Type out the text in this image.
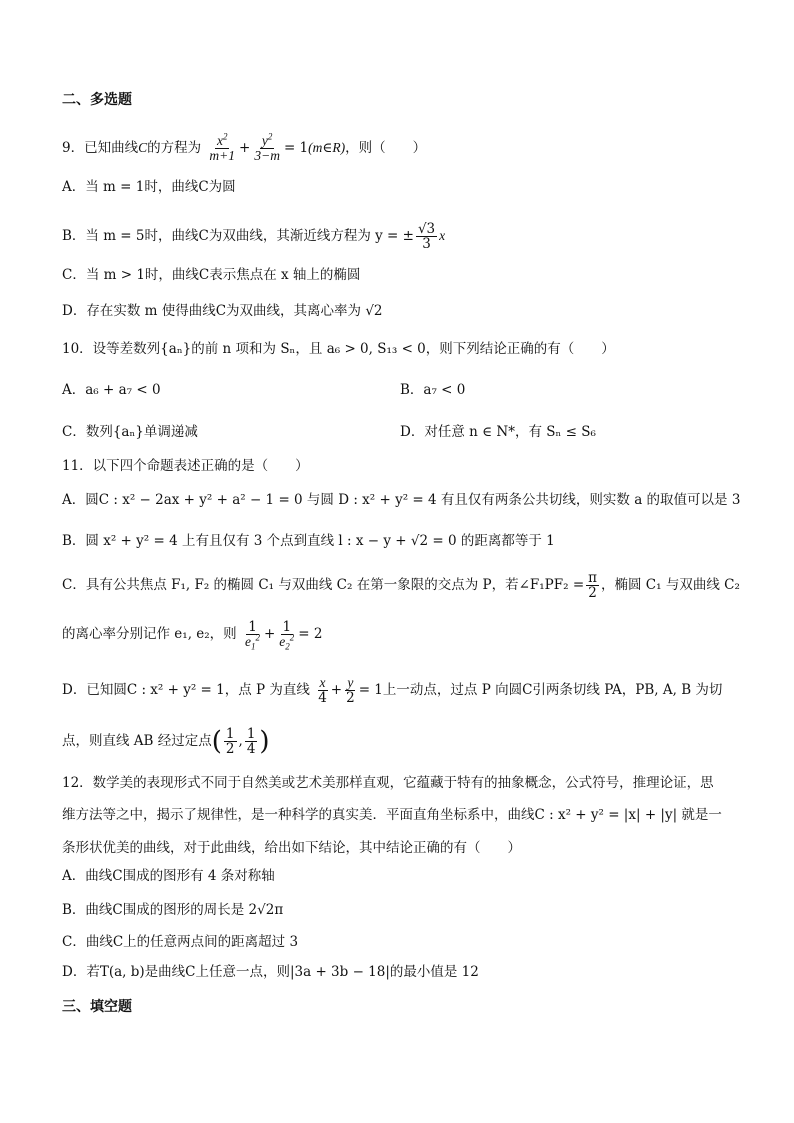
二、多选题
9．已知曲线C的方程为 $\frac{x^2}{m+1} + \frac{y^2}{3-m}$ = 1(m∈R)，则（　　）
A．当 m = 1时，曲线C为圆
B．当 m = 5时，曲线C为双曲线，其渐近线方程为 y = ± $\frac{√3}{3}$ x
C．当 m > 1时，曲线C表示焦点在 x 轴上的椭圆
D．存在实数 m 使得曲线C为双曲线，其离心率为 √2
10．设等差数列{aₙ}的前 n 项和为 Sₙ，且 a₆ > 0, S₁₃ < 0，则下列结论正确的有（　　）
A．a₆ + a₇ < 0	B．a₇ < 0
C．数列{aₙ}单调递减	D．对任意 n ∈ N*，有 Sₙ ≤ S₆
11．以下四个命题表述正确的是（　　）
A．圆C : x² − 2ax + y² + a² − 1 = 0 与圆 D : x² + y² = 4 有且仅有两条公共切线，则实数 a 的取值可以是 3
B．圆 x² + y² = 4 上有且仅有 3 个点到直线 l : x − y + √2 = 0 的距离都等于 1
C．具有公共焦点 F₁, F₂ 的椭圆 C₁ 与双曲线 C₂ 在第一象限的交点为 P，若∠F₁PF₂ = $\frac{\pi}{2}$ ，椭圆 C₁ 与双曲线 C₂
的离心率分别记作 e₁, e₂，则 $\frac{1}{e_1^2} + \frac{1}{e_2^2} = 2$
D．已知圆C : x² + y² = 1，点 P 为直线 $\frac{x}{4} + \frac{y}{2} = 1$上一动点，过点 P 向圆C引两条切线 PA，PB, A, B 为切
点，则直线 AB 经过定点( $\frac{1}{2}$ , $\frac{1}{4}$ )
12．数学美的表现形式不同于自然美或艺术美那样直观，它蕴藏于特有的抽象概念，公式符号，推理论证，思
维方法等之中，揭示了规律性，是一种科学的真实美．平面直角坐标系中，曲线C : x² + y² = |x| + |y| 就是一
条形状优美的曲线，对于此曲线，给出如下结论，其中结论正确的有（　　）
A．曲线C围成的图形有 4 条对称轴
B．曲线C围成的图形的周长是 2√2π
C．曲线C上的任意两点间的距离超过 3
D．若T(a, b)是曲线C上任意一点，则|3a + 3b − 18|的最小值是 12
三、填空题
